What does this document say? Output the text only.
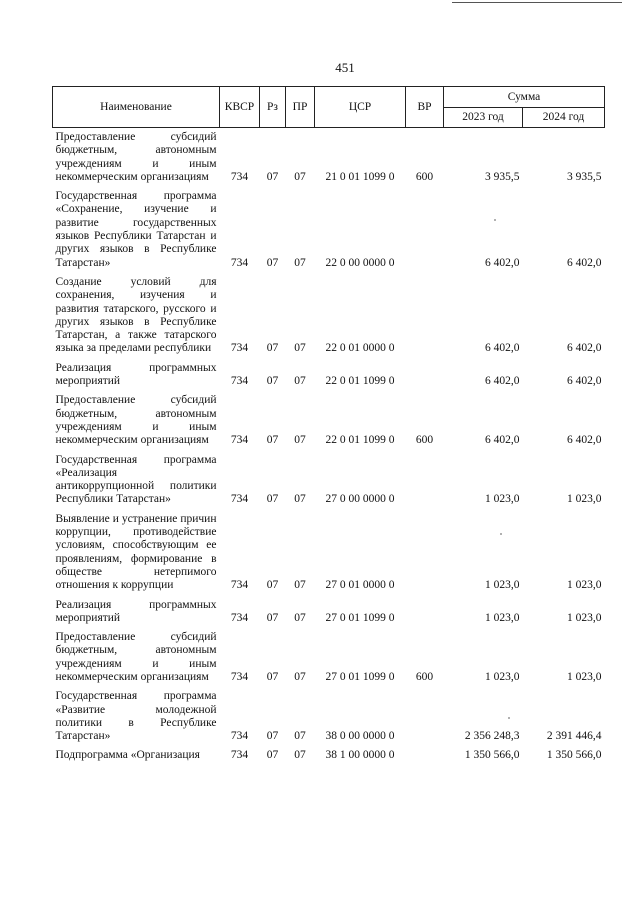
451
Наименование	КВСР	Рз	ПР	ЦСР	ВР	Сумма	
						2023 год	2024 год
Предоставление субсидий бюджетным, автономным учреждениям и иным некоммерческим организациям	734	07	07	21 0 01 1099 0	600	3 935,5	3 935,5
Государственная программа «Сохранение, изучение и развитие государственных языков Республики Татарстан и других языков в Республике Татарстан»	734	07	07	22 0 00 0000 0		6 402,0	6 402,0
Создание условий для сохранения, изучения и развития татарского, русского и других языков в Республике Татарстан, а также татарского языка за пределами республики	734	07	07	22 0 01 0000 0		6 402,0	6 402,0
Реализация программных мероприятий	734	07	07	22 0 01 1099 0		6 402,0	6 402,0
Предоставление субсидий бюджетным, автономным учреждениям и иным некоммерческим организациям	734	07	07	22 0 01 1099 0	600	6 402,0	6 402,0
Государственная программа «Реализация антикоррупционной политики Республики Татарстан»	734	07	07	27 0 00 0000 0		1 023,0	1 023,0
Выявление и устранение причин коррупции, противодействие условиям, способствующим ее проявлениям, формирование в обществе нетерпимого отношения к коррупции	734	07	07	27 0 01 0000 0		1 023,0	1 023,0
Реализация программных мероприятий	734	07	07	27 0 01 1099 0		1 023,0	1 023,0
Предоставление субсидий бюджетным, автономным учреждениям и иным некоммерческим организациям	734	07	07	27 0 01 1099 0	600	1 023,0	1 023,0
Государственная программа «Развитие молодежной политики в Республике Татарстан»	734	07	07	38 0 00 0000 0		2 356 248,3	2 391 446,4
Подпрограмма «Организация	734	07	07	38 1 00 0000 0		1 350 566,0	1 350 566,0
